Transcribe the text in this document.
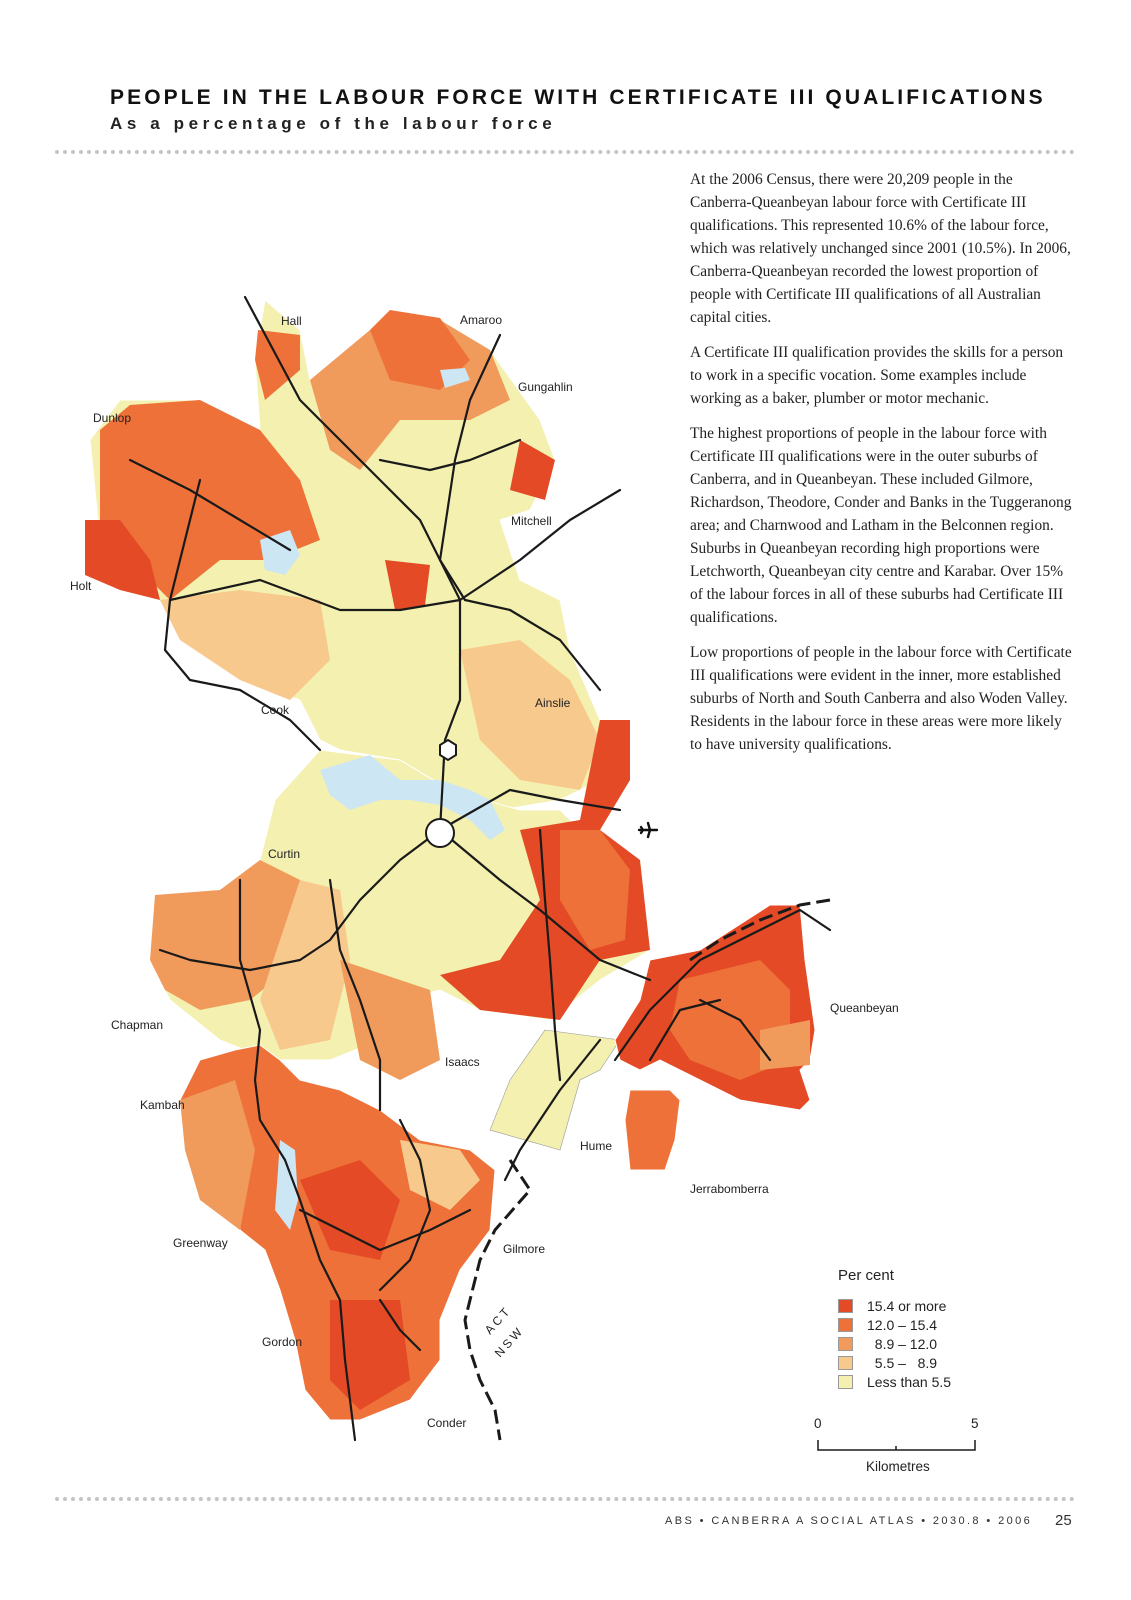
PEOPLE IN THE LABOUR FORCE WITH CERTIFICATE III QUALIFICATIONS
As a percentage of the labour force

At the 2006 Census, there were 20,209 people in the Canberra-Queanbeyan labour force with Certificate III qualifications. This represented 10.6% of the labour force, which was relatively unchanged since 2001 (10.5%). In 2006, Canberra-Queanbeyan recorded the lowest proportion of people with Certificate III qualifications of all Australian capital cities.

A Certificate III qualification provides the skills for a person to work in a specific vocation. Some examples include working as a baker, plumber or motor mechanic.

The highest proportions of people in the labour force with Certificate III qualifications were in the outer suburbs of Canberra, and in Queanbeyan. These included Gilmore, Richardson, Theodore, Conder and Banks in the Tuggeranong area; and Charnwood and Latham in the Belconnen region. Suburbs in Queanbeyan recording high proportions were Letchworth, Queanbeyan city centre and Karabar. Over 15% of the labour forces in all of these suburbs had Certificate III qualifications.

Low proportions of people in the labour force with Certificate III qualifications were evident in the inner, more established suburbs of North and South Canberra and also Woden Valley. Residents in the labour force in these areas were more likely to have university qualifications.

Hall	Amaroo
Gungahlin
Dunlop
Mitchell
Holt
Ainslie
Cook
Curtin
Queanbeyan
Chapman
Isaacs
Kambah
Hume
Jerrabomberra
Greenway	Gilmore
Gordon
Conder
ACT
NSW
Per cent
15.4 or more
12.0 – 15.4
8.9 – 12.0
5.5 –   8.9
Less than 5.5
0	5
Kilometres
ABS • CANBERRA A SOCIAL ATLAS • 2030.8 • 2006 25
